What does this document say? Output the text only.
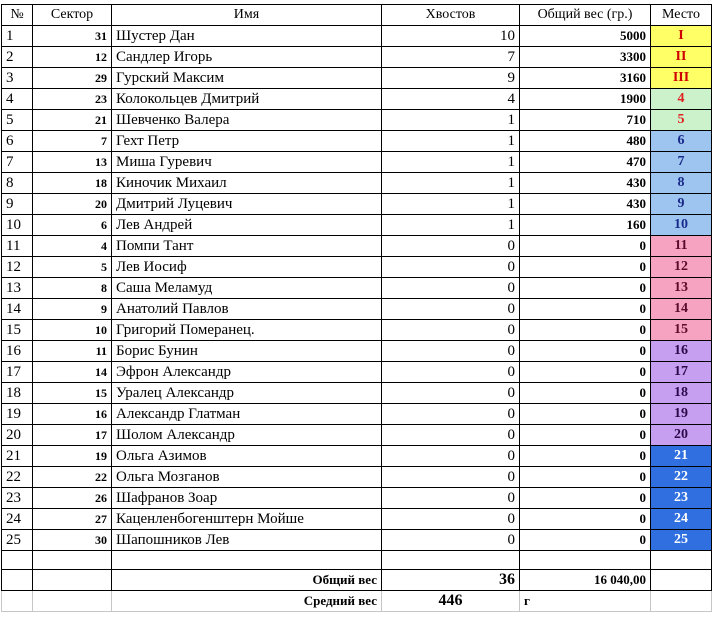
№	Сектор	Имя	Хвостов	Общий вес (гр.)	Место
1	31	Шустер Дан	10	5000	I
2	12	Сандлер Игорь	7	3300	II
3	29	Гурский Максим	9	3160	III
4	23	Колокольцев Дмитрий	4	1900	4
5	21	Шевченко Валера	1	710	5
6	7	Гехт Петр	1	480	6
7	13	Миша Гуревич	1	470	7
8	18	Киночик Михаил	1	430	8
9	20	Дмитрий Луцевич	1	430	9
10	6	Лев Андрей	1	160	10
11	4	Помпи Тант	0	0	11
12	5	Лев Иосиф	0	0	12
13	8	Саша Меламуд	0	0	13
14	9	Анатолий Павлов	0	0	14
15	10	Григорий Померанец.	0	0	15
16	11	Борис Бунин	0	0	16
17	14	Эфрон Александр	0	0	17
18	15	Уралец Александр	0	0	18
19	16	Александр Глатман	0	0	19
20	17	Шолом Александр	0	0	20
21	19	Ольга Азимов	0	0	21
22	22	Ольга Мозганов	0	0	22
23	26	Шафранов Зоар	0	0	23
24	27	Каценленбогенштерн Мойше	0	0	24
25	30	Шапошников Лев	0	0	25

		Общий вес	36	16 040,00	
		Средний вес	446	г	
